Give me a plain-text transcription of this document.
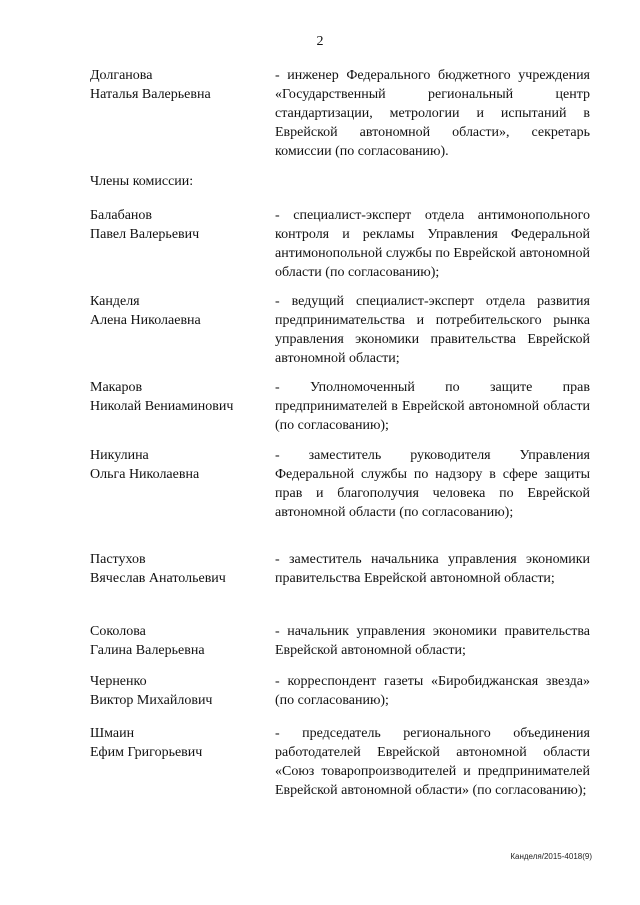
2
Долганова
Наталья Валерьевна
- инженер Федерального бюджетного учреждения «Государственный региональный центр стандартизации, метрологии и испытаний в Еврейской автономной области», секретарь комиссии (по согласованию).
Члены комиссии:
Балабанов
Павел Валерьевич
- специалист-эксперт отдела антимонопольного контроля и рекламы Управления Федеральной антимонопольной службы по Еврейской автономной области (по согласованию);
Канделя
Алена Николаевна
- ведущий специалист-эксперт отдела развития предпринимательства и потребительского рынка управления экономики правительства Еврейской автономной области;
Макаров
Николай Вениаминович
- Уполномоченный по защите прав предпринимателей в Еврейской автономной области (по согласованию);
Никулина
Ольга Николаевна
- заместитель руководителя Управления Федеральной службы по надзору в сфере защиты прав и благополучия человека по Еврейской автономной области (по согласованию);
Пастухов
Вячеслав Анатольевич
- заместитель начальника управления экономики правительства Еврейской автономной области;
Соколова
Галина Валерьевна
- начальник управления экономики правительства Еврейской автономной области;
Черненко
Виктор Михайлович
- корреспондент газеты «Биробиджанская звезда» (по согласованию);
Шмаин
Ефим Григорьевич
- председатель регионального объединения работодателей Еврейской автономной области «Союз товаропроизводителей и предпринимателей Еврейской автономной области» (по согласованию);
Канделя/2015-4018(9)
